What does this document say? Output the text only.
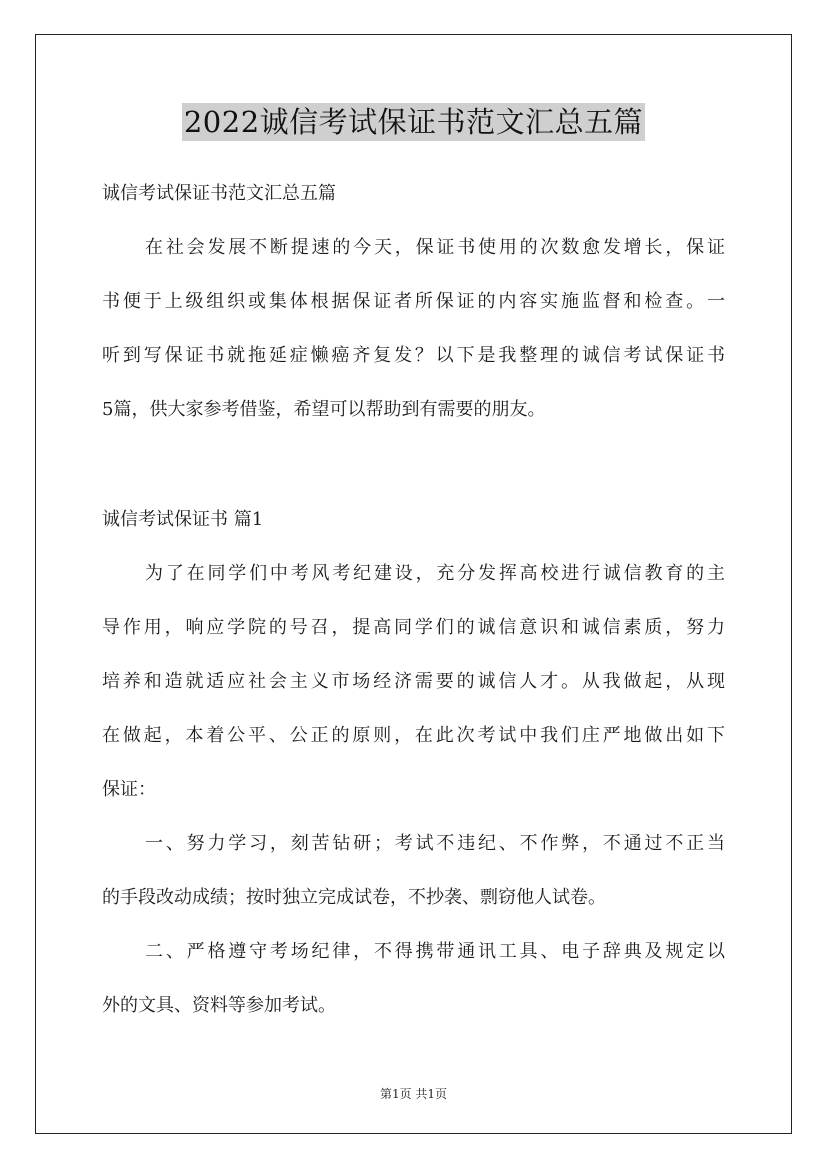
2022诚信考试保证书范文汇总五篇
诚信考试保证书范文汇总五篇
在社会发展不断提速的今天，保证书使用的次数愈发增长，保证
书便于上级组织或集体根据保证者所保证的内容实施监督和检查。一
听到写保证书就拖延症懒癌齐复发？以下是我整理的诚信考试保证书
5篇，供大家参考借鉴，希望可以帮助到有需要的朋友。
诚信考试保证书 篇1
为了在同学们中考风考纪建设，充分发挥高校进行诚信教育的主
导作用，响应学院的号召，提高同学们的诚信意识和诚信素质，努力
培养和造就适应社会主义市场经济需要的诚信人才。从我做起，从现
在做起，本着公平、公正的原则，在此次考试中我们庄严地做出如下
保证：
一、努力学习，刻苦钻研；考试不违纪、不作弊，不通过不正当
的手段改动成绩；按时独立完成试卷，不抄袭、剽窃他人试卷。
二、严格遵守考场纪律，不得携带通讯工具、电子辞典及规定以
外的文具、资料等参加考试。
第1页 共1页
